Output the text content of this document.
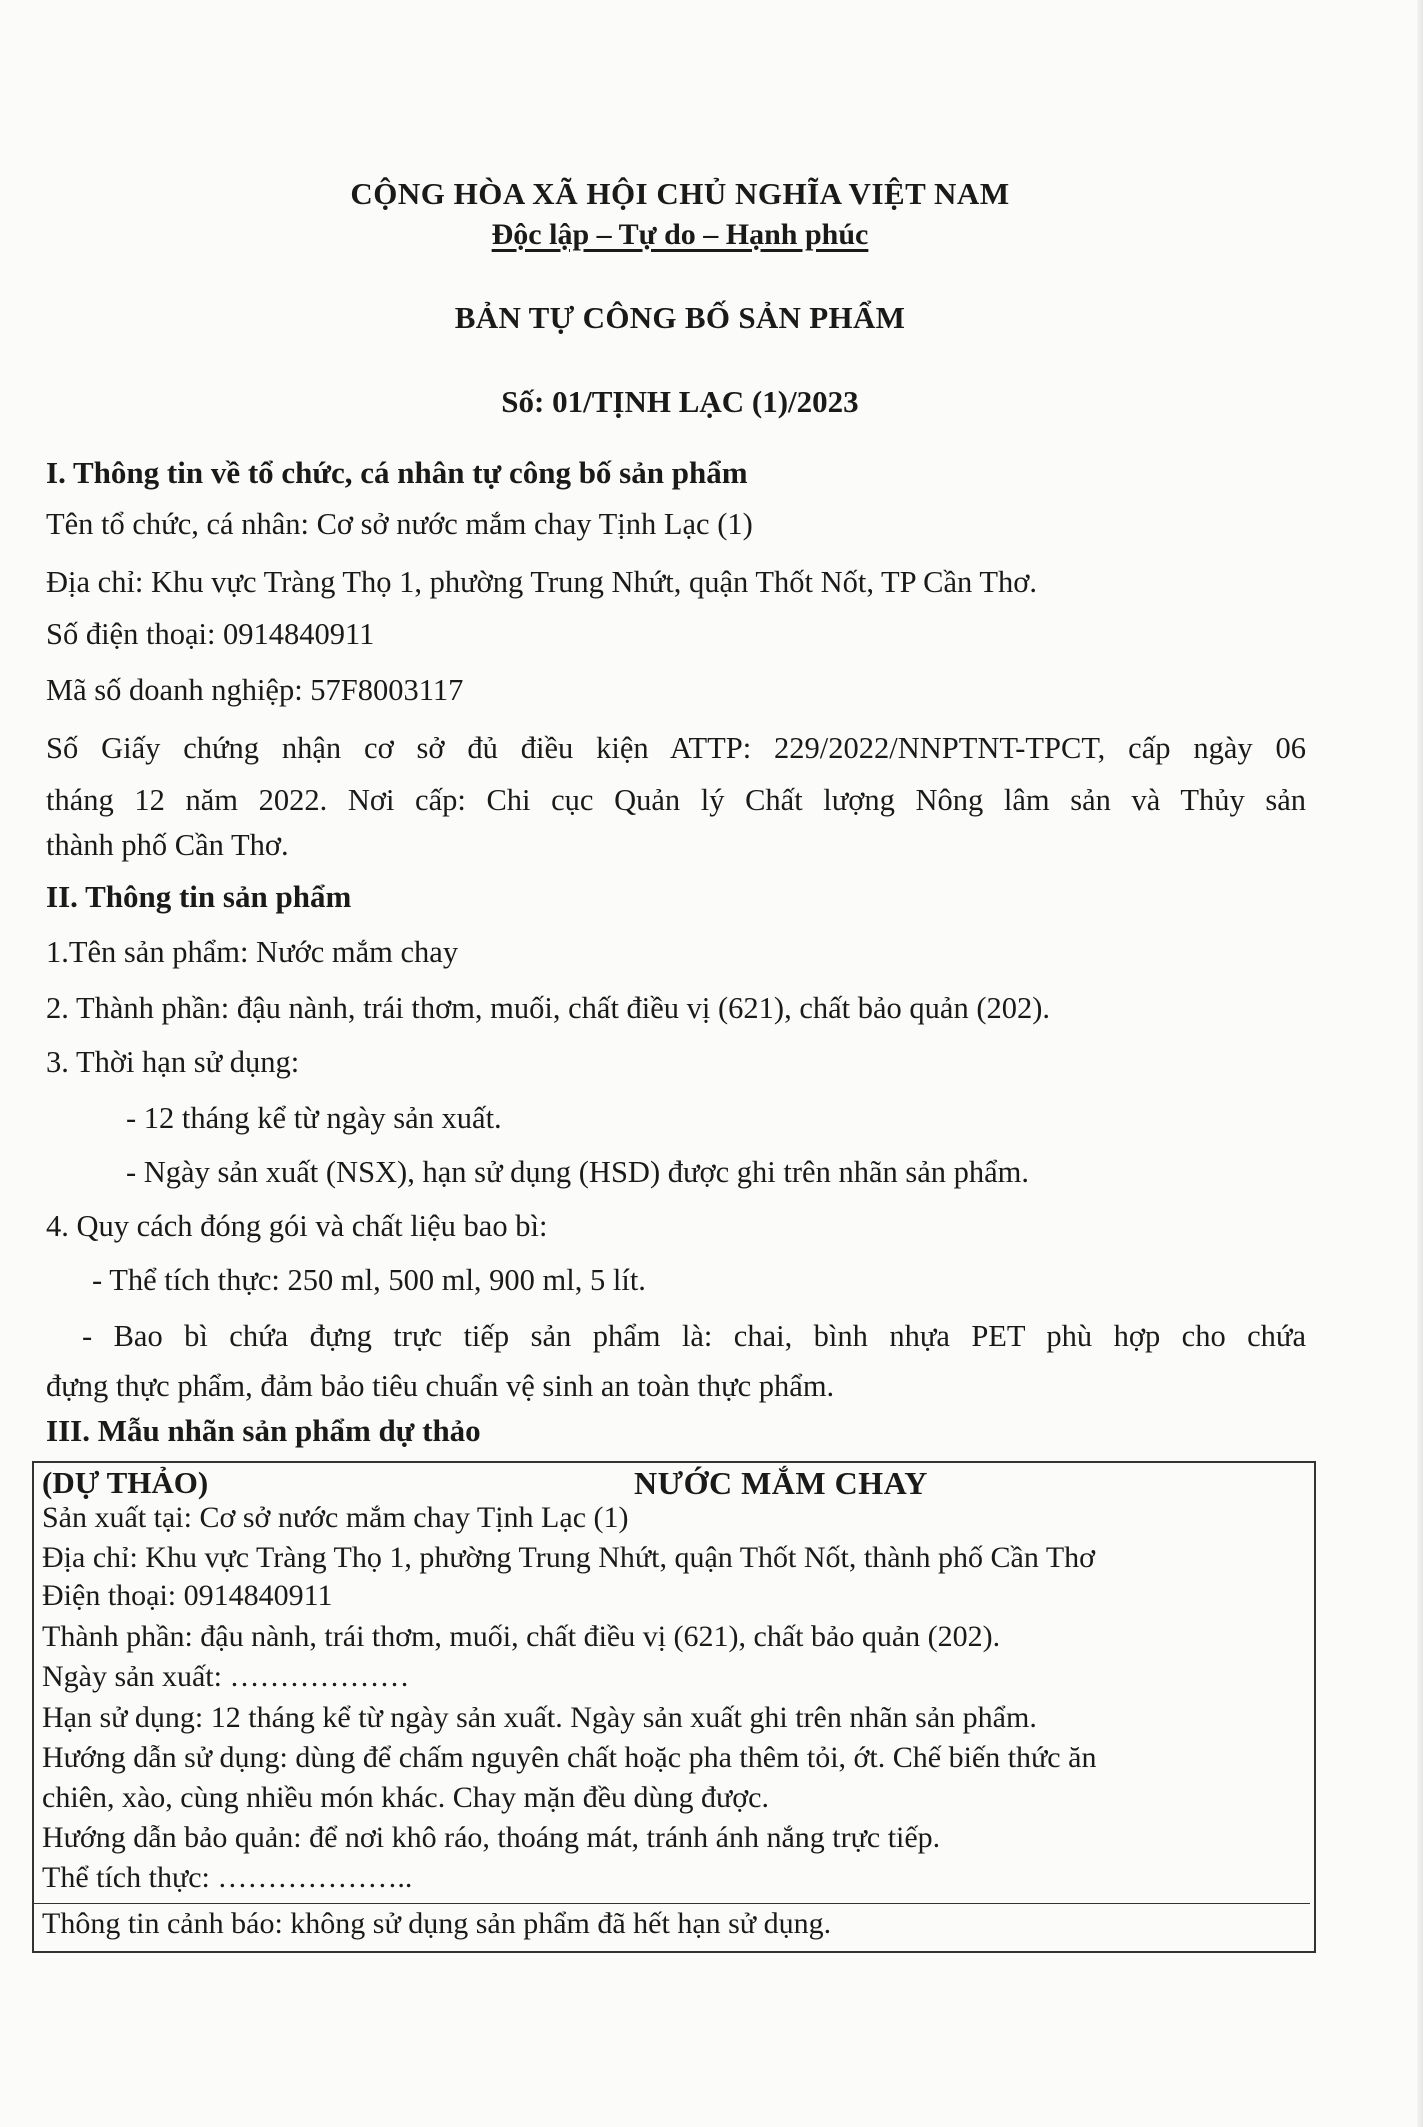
CỘNG HÒA XÃ HỘI CHỦ NGHĨA VIỆT NAM
Độc lập – Tự do – Hạnh phúc
BẢN TỰ CÔNG BỐ SẢN PHẨM
Số: 01/TỊNH LẠC (1)/2023
I. Thông tin về tổ chức, cá nhân tự công bố sản phẩm
Tên tổ chức, cá nhân: Cơ sở nước mắm chay Tịnh Lạc (1)
Địa chỉ: Khu vực Tràng Thọ 1, phường Trung Nhứt, quận Thốt Nốt, TP Cần Thơ.
Số điện thoại: 0914840911
Mã số doanh nghiệp: 57F8003117
Số Giấy chứng nhận cơ sở đủ điều kiện ATTP: 229/2022/NNPTNT-TPCT, cấp ngày 06
tháng 12 năm 2022. Nơi cấp: Chi cục Quản lý Chất lượng Nông lâm sản và Thủy sản
thành phố Cần Thơ.
II. Thông tin sản phẩm
1.Tên sản phẩm: Nước mắm chay
2. Thành phần: đậu nành, trái thơm, muối, chất điều vị (621), chất bảo quản (202).
3. Thời hạn sử dụng:
- 12 tháng kể từ ngày sản xuất.
- Ngày sản xuất (NSX), hạn sử dụng (HSD) được ghi trên nhãn sản phẩm.
4. Quy cách đóng gói và chất liệu bao bì:
- Thể tích thực: 250 ml, 500 ml, 900 ml, 5 lít.
- Bao bì chứa đựng trực tiếp sản phẩm là: chai, bình nhựa PET phù hợp cho chứa
đựng thực phẩm, đảm bảo tiêu chuẩn vệ sinh an toàn thực phẩm.
III. Mẫu nhãn sản phẩm dự thảo
(DỰ THẢO)	NƯỚC MẮM CHAY
Sản xuất tại: Cơ sở nước mắm chay Tịnh Lạc (1)
Địa chỉ: Khu vực Tràng Thọ 1, phường Trung Nhứt, quận Thốt Nốt, thành phố Cần Thơ
Điện thoại: 0914840911
Thành phần: đậu nành, trái thơm, muối, chất điều vị (621), chất bảo quản (202).
Ngày sản xuất: ………………
Hạn sử dụng: 12 tháng kể từ ngày sản xuất. Ngày sản xuất ghi trên nhãn sản phẩm.
Hướng dẫn sử dụng: dùng để chấm nguyên chất hoặc pha thêm tỏi, ớt. Chế biến thức ăn
chiên, xào, cùng nhiều món khác. Chay mặn đều dùng được.
Hướng dẫn bảo quản: để nơi khô ráo, thoáng mát, tránh ánh nắng trực tiếp.
Thể tích thực: ………………..
Thông tin cảnh báo: không sử dụng sản phẩm đã hết hạn sử dụng.
